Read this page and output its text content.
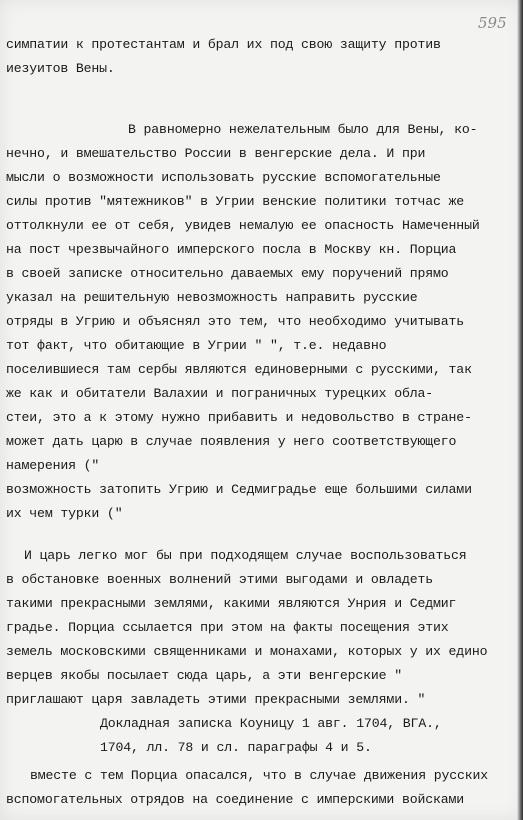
595
симпатии к протестантам и брал их под свою защиту против
иезуитов Вены.
В равномерно нежелательным было для Вены, ко-
нечно, и вмешательство России в венгерские дела. И при
мысли о возможности использовать русские вспомогательные
силы против "мятежников" в Угрии венские политики тотчас же
оттолкнули ее от себя, увидев немалую ее опасность Намеченный
на пост чрезвычайного имперского посла в Москву кн. Порциа
в своей записке относительно даваемых ему поручений прямо
указал на решительную невозможность направить русские
отряды в Угрию и объяснял это тем, что необходимо учитывать
тот факт, что обитающие в Угрии " ", т.е. недавно
поселившиеся там сербы являются единоверными с русскими, так
же как и обитатели Валахии и пограничных турецких обла-
стеи, это а к этому нужно прибавить и недовольство в стране-
может дать царю в случае появления у него соответствующего
намерения ("
возможность затопить Угрию и Седмиградье еще большими силами
их чем турки ("
И царь легко мог бы при подходящем случае воспользоваться
в обстановке военных волнений этими выгодами и овладеть
такими прекрасными землями, какими являются Унрия и Седмиг
градье. Порциа ссылается при этом на факты посещения этих
земель московскими священниками и монахами, которых у их едино
верцев якобы посылает сюда царь, а эти венгерские "
приглашают царя завладеть этими прекрасными землями. "
Докладная записка Коуницу 1 авг. 1704, ВГА.,
1704, лл. 78 и сл. параграфы 4 и 5.
вместе с тем Порциа опасался, что в случае движения русских
вспомогательных отрядов на соединение с имперскими войсками
